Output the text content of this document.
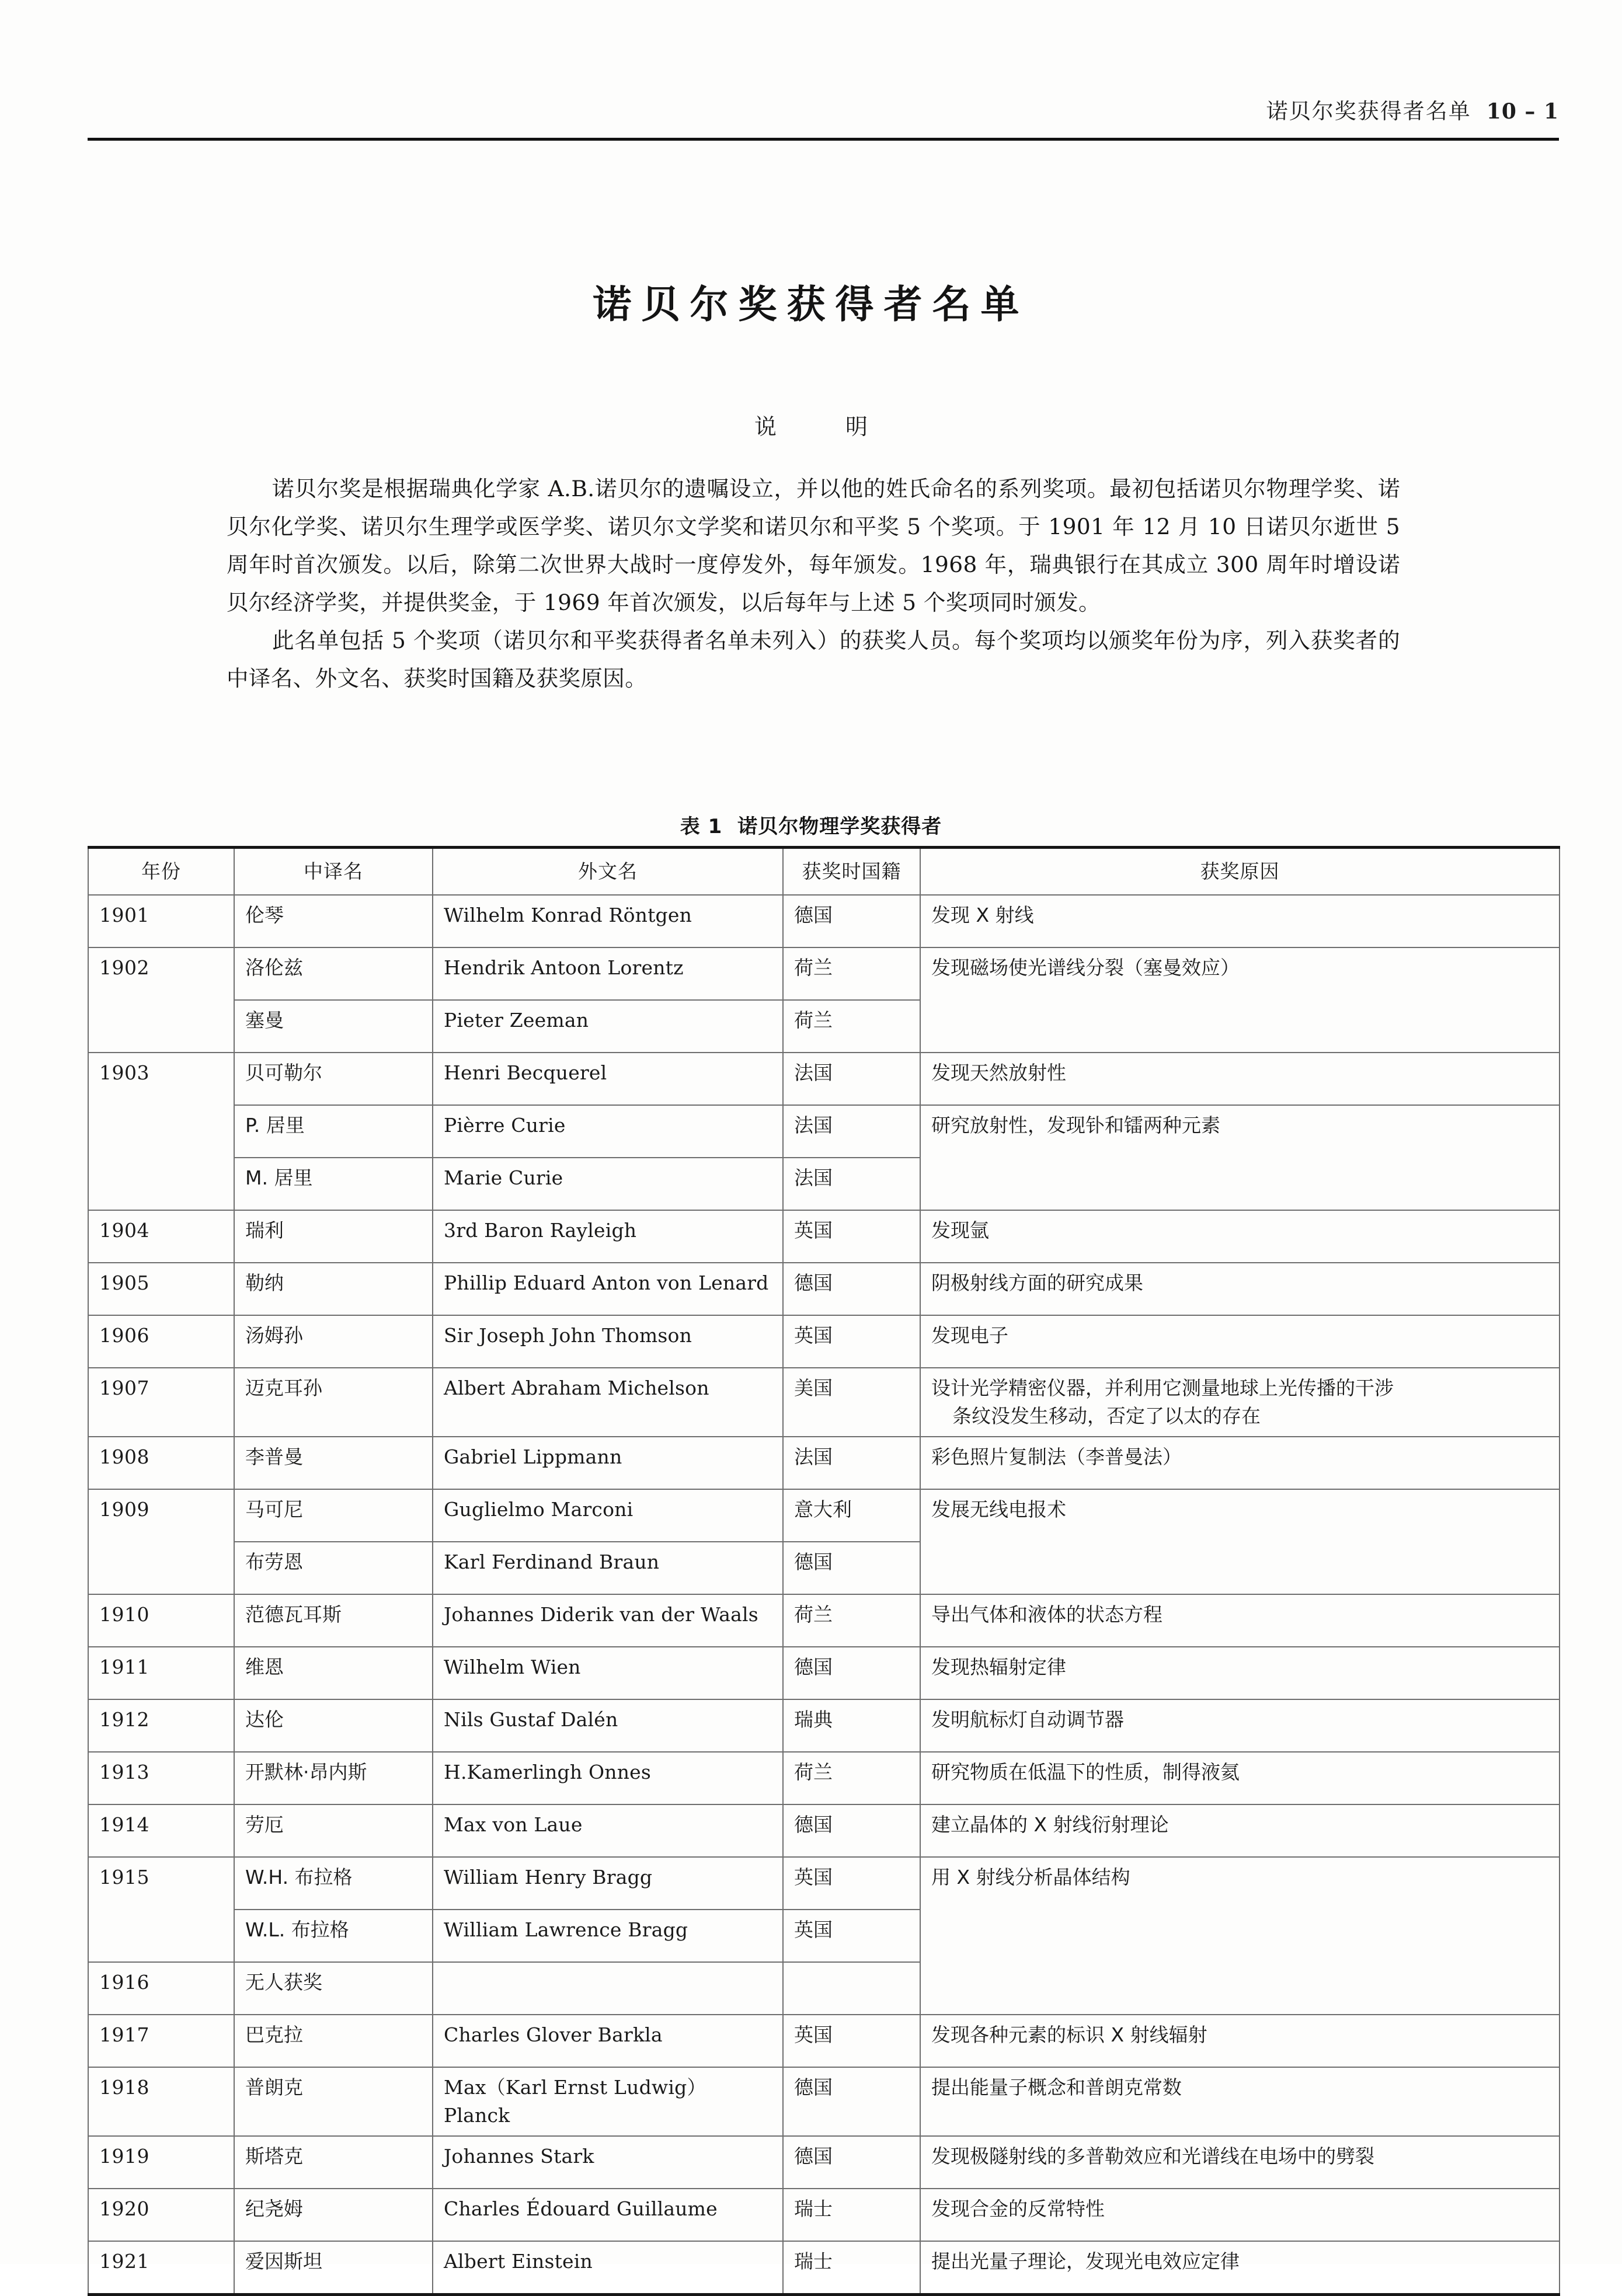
诺贝尔奖获得者名单 10 – 1
诺贝尔奖获得者名单
说　明

诺贝尔奖是根据瑞典化学家 A.B.诺贝尔的遗嘱设立，并以他的姓氏命名的系列奖项。最初包括诺贝尔物理学奖、诺贝尔化学奖、诺贝尔生理学或医学奖、诺贝尔文学奖和诺贝尔和平奖 5 个奖项。于 1901 年 12 月 10 日诺贝尔逝世 5 周年时首次颁发。以后，除第二次世界大战时一度停发外，每年颁发。1968 年，瑞典银行在其成立 300 周年时增设诺贝尔经济学奖，并提供奖金，于 1969 年首次颁发，以后每年与上述 5 个奖项同时颁发。

此名单包括 5 个奖项（诺贝尔和平奖获得者名单未列入）的获奖人员。每个奖项均以颁奖年份为序，列入获奖者的中译名、外文名、获奖时国籍及获奖原因。

表 1 诺贝尔物理学奖获得者
年份	中译名	外文名	获奖时国籍	获奖原因
1901	伦琴	Wilhelm Konrad Röntgen	德国	发现 X 射线
1902	洛伦兹	Hendrik Antoon Lorentz	荷兰	发现磁场使光谱线分裂（塞曼效应）
	塞曼	Pieter Zeeman	荷兰	
1903	贝可勒尔	Henri Becquerel	法国	发现天然放射性
	P. 居里	Pièrre Curie	法国	研究放射性，发现钋和镭两种元素
	M. 居里	Marie Curie	法国	
1904	瑞利	3rd Baron Rayleigh	英国	发现氩
1905	勒纳	Phillip Eduard Anton von Lenard	德国	阴极射线方面的研究成果
1906	汤姆孙	Sir Joseph John Thomson	英国	发现电子
1907	迈克耳孙	Albert Abraham Michelson	美国	设计光学精密仪器，并利用它测量地球上光传播的干涉
条纹没发生移动，否定了以太的存在

1908	李普曼	Gabriel Lippmann	法国	彩色照片复制法（李普曼法）
1909	马可尼	Guglielmo Marconi	意大利	发展无线电报术
	布劳恩	Karl Ferdinand Braun	德国	
1910	范德瓦耳斯	Johannes Diderik van der Waals	荷兰	导出气体和液体的状态方程
1911	维恩	Wilhelm Wien	德国	发现热辐射定律
1912	达伦	Nils Gustaf Dalén	瑞典	发明航标灯自动调节器
1913	开默林·昂内斯	H.Kamerlingh Onnes	荷兰	研究物质在低温下的性质，制得液氦
1914	劳厄	Max von Laue	德国	建立晶体的 X 射线衍射理论
1915	W.H. 布拉格	William Henry Bragg	英国	用 X 射线分析晶体结构
	W.L. 布拉格	William Lawrence Bragg	英国	
1916	无人获奖			
1917	巴克拉	Charles Glover Barkla	英国	发现各种元素的标识 X 射线辐射
1918	普朗克	Max（Karl Ernst Ludwig）Planck	德国	提出能量子概念和普朗克常数
1919	斯塔克	Johannes Stark	德国	发现极隧射线的多普勒效应和光谱线在电场中的劈裂
1920	纪尧姆	Charles Édouard Guillaume	瑞士	发现合金的反常特性
1921	爱因斯坦	Albert Einstein	瑞士	提出光量子理论，发现光电效应定律
